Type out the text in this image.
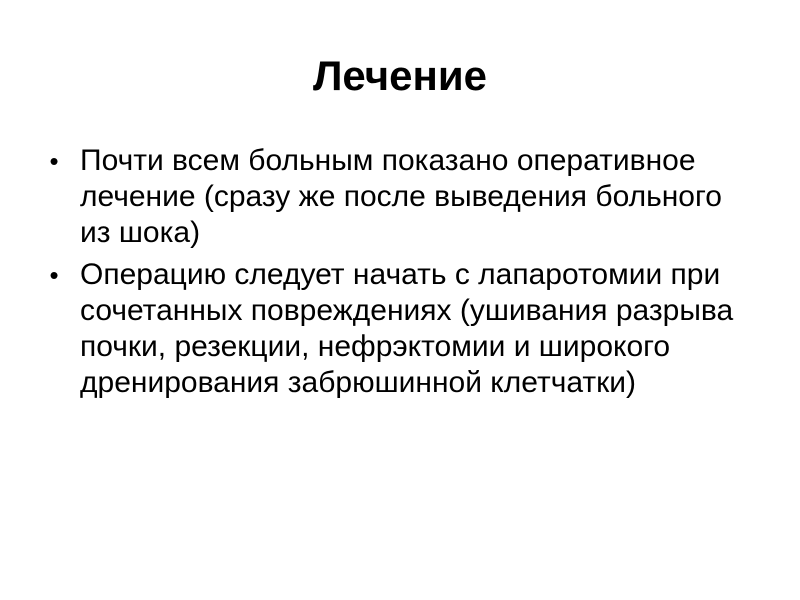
Лечение
• Почти всем больным показано оперативное лечение (сразу же после выведения больного из шока)
• Операцию следует начать с лапаротомии при сочетанных повреждениях (ушивания разрыва почки, резекции, нефрэктомии и широкого дренирования забрюшинной клетчатки)
